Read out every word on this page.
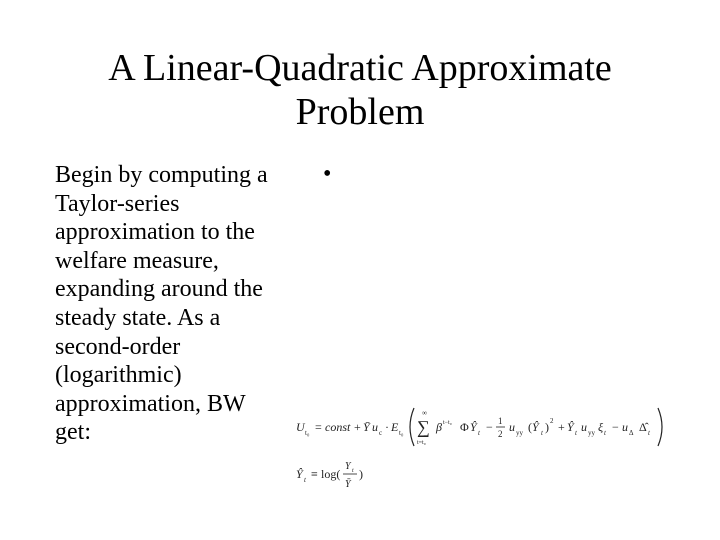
A Linear-Quadratic Approximate
Problem
Begin by computing a
Taylor-series
approximation to the
welfare measure,
expanding around the
steady state. As a
second-order
(logarithmic)
approximation, BW
get:
•
U t₀ = const + Ȳ u c · E t₀
∞
∑
t=t₀
β t−t₀ Φ Ŷ t − 1
2 u yy ( Ŷ t ) 2 + Ŷ t u yy ξ t − u Δ Δ̂ t
Ŷ t ≡ log(
Y t
Ȳ
)
